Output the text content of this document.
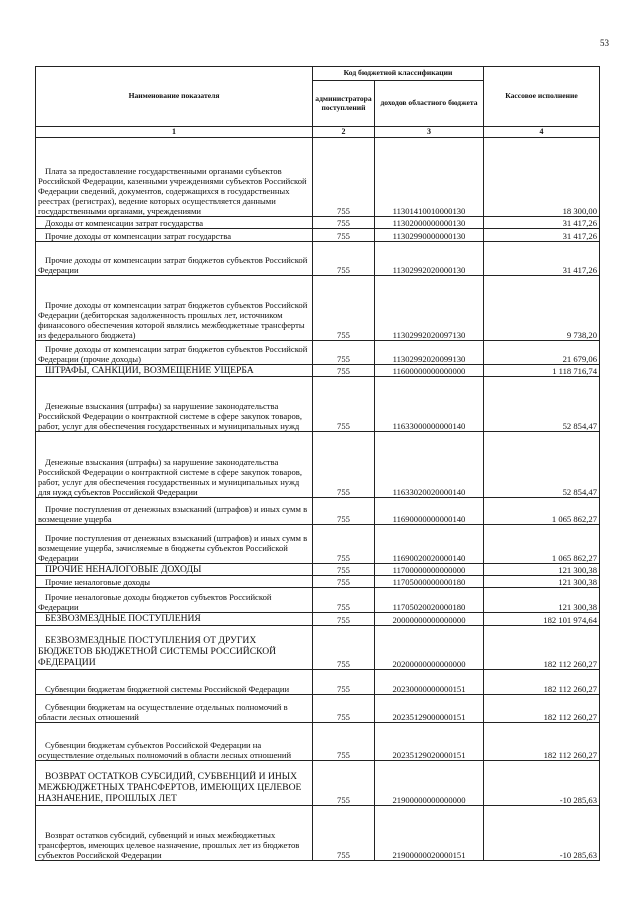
53
Наименование показателя	Код бюджетной классификации		Кассовое исполнение
	администратора поступлений	доходов областного бюджета	
1	2	3	4

Плата за предоставление государственными органами субъектов Российской Федерации, казенными учреждениями субъектов Российской Федерации сведений, документов, содержащихся в государственных реестрах (регистрах), ведение которых осуществляется данными государственными органами, учреждениями	755	11301410010000130	18 300,00

Доходы от компенсации затрат государства	755	11302000000000130	31 417,26

Прочие доходы от компенсации затрат государства	755	11302990000000130	31 417,26

Прочие доходы от компенсации затрат бюджетов субъектов Российской Федерации	755	11302992020000130	31 417,26

Прочие доходы от компенсации затрат бюджетов субъектов Российской Федерации (дебиторская задолженность прошлых лет, источником финансового обеспечения которой являлись межбюджетные трансферты из федерального бюджета)	755	11302992020097130	9 738,20

Прочие доходы от компенсации затрат бюджетов субъектов Российской Федерации (прочие доходы)	755	11302992020099130	21 679,06

ШТРАФЫ, САНКЦИИ, ВОЗМЕЩЕНИЕ УЩЕРБА	755	11600000000000000	1 118 716,74

Денежные взыскания (штрафы) за нарушение законодательства Российской Федерации о контрактной системе в сфере закупок товаров, работ, услуг для обеспечения государственных и муниципальных нужд	755	11633000000000140	52 854,47

Денежные взыскания (штрафы) за нарушение законодательства Российской Федерации о контрактной системе в сфере закупок товаров, работ, услуг для обеспечения государственных и муниципальных нужд для нужд субъектов Российской Федерации	755	11633020020000140	52 854,47

Прочие поступления от денежных взысканий (штрафов) и иных сумм в возмещение ущерба	755	11690000000000140	1 065 862,27

Прочие поступления от денежных взысканий (штрафов) и иных сумм в возмещение ущерба, зачисляемые в бюджеты субъектов Российской Федерации	755	11690020020000140	1 065 862,27

ПРОЧИЕ НЕНАЛОГОВЫЕ ДОХОДЫ	755	11700000000000000	121 300,38

Прочие неналоговые доходы	755	11705000000000180	121 300,38

Прочие неналоговые доходы бюджетов субъектов Российской Федерации	755	11705020020000180	121 300,38

БЕЗВОЗМЕЗДНЫЕ ПОСТУПЛЕНИЯ	755	20000000000000000	182 101 974,64

БЕЗВОЗМЕЗДНЫЕ ПОСТУПЛЕНИЯ ОТ ДРУГИХ БЮДЖЕТОВ БЮДЖЕТНОЙ СИСТЕМЫ РОССИЙСКОЙ ФЕДЕРАЦИИ	755	20200000000000000	182 112 260,27

Субвенции бюджетам бюджетной системы Российской Федерации	755	20230000000000151	182 112 260,27

Субвенции бюджетам на осуществление отдельных полномочий в области лесных отношений	755	20235129000000151	182 112 260,27

Субвенции бюджетам субъектов Российской Федерации на осуществление отдельных полномочий в области лесных отношений	755	20235129020000151	182 112 260,27

ВОЗВРАТ ОСТАТКОВ СУБСИДИЙ, СУБВЕНЦИЙ И ИНЫХ МЕЖБЮДЖЕТНЫХ ТРАНСФЕРТОВ, ИМЕЮЩИХ ЦЕЛЕВОЕ НАЗНАЧЕНИЕ, ПРОШЛЫХ ЛЕТ	755	21900000000000000	-10 285,63

Возврат остатков субсидий, субвенций и иных межбюджетных трансфертов, имеющих целевое назначение, прошлых лет из бюджетов субъектов Российской Федерации	755	21900000020000151	-10 285,63
